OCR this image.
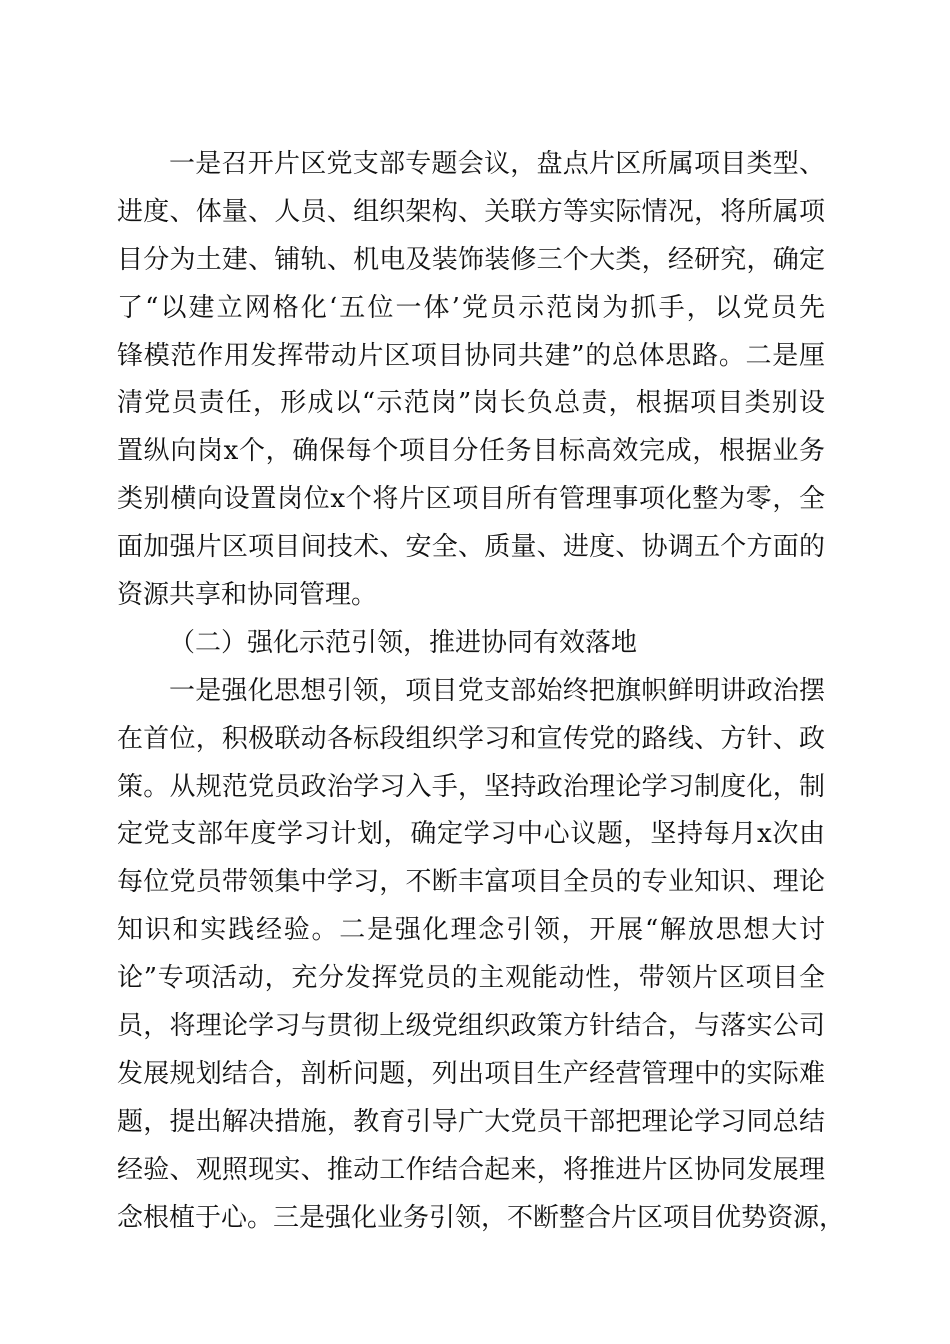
一是召开片区党支部专题会议，盘点片区所属项目类型、
进度、体量、人员、组织架构、关联方等实际情况，将所属项
目分为土建、铺轨、机电及装饰装修三个大类，经研究，确定
了“以建立网格化‘五位一体’党员示范岗为抓手，以党员先
锋模范作用发挥带动片区项目协同共建”的总体思路。二是厘
清党员责任，形成以“示范岗”岗长负总责，根据项目类别设
置纵向岗x个，确保每个项目分任务目标高效完成，根据业务
类别横向设置岗位x个将片区项目所有管理事项化整为零，全
面加强片区项目间技术、安全、质量、进度、协调五个方面的
资源共享和协同管理。
（二）强化示范引领，推进协同有效落地
一是强化思想引领，项目党支部始终把旗帜鲜明讲政治摆
在首位，积极联动各标段组织学习和宣传党的路线、方针、政
策。从规范党员政治学习入手，坚持政治理论学习制度化，制
定党支部年度学习计划，确定学习中心议题，坚持每月x次由
每位党员带领集中学习，不断丰富项目全员的专业知识、理论
知识和实践经验。二是强化理念引领，开展“解放思想大讨
论”专项活动，充分发挥党员的主观能动性，带领片区项目全
员，将理论学习与贯彻上级党组织政策方针结合，与落实公司
发展规划结合，剖析问题，列出项目生产经营管理中的实际难
题，提出解决措施，教育引导广大党员干部把理论学习同总结
经验、观照现实、推动工作结合起来，将推进片区协同发展理
念根植于心。三是强化业务引领，不断整合片区项目优势资源，
